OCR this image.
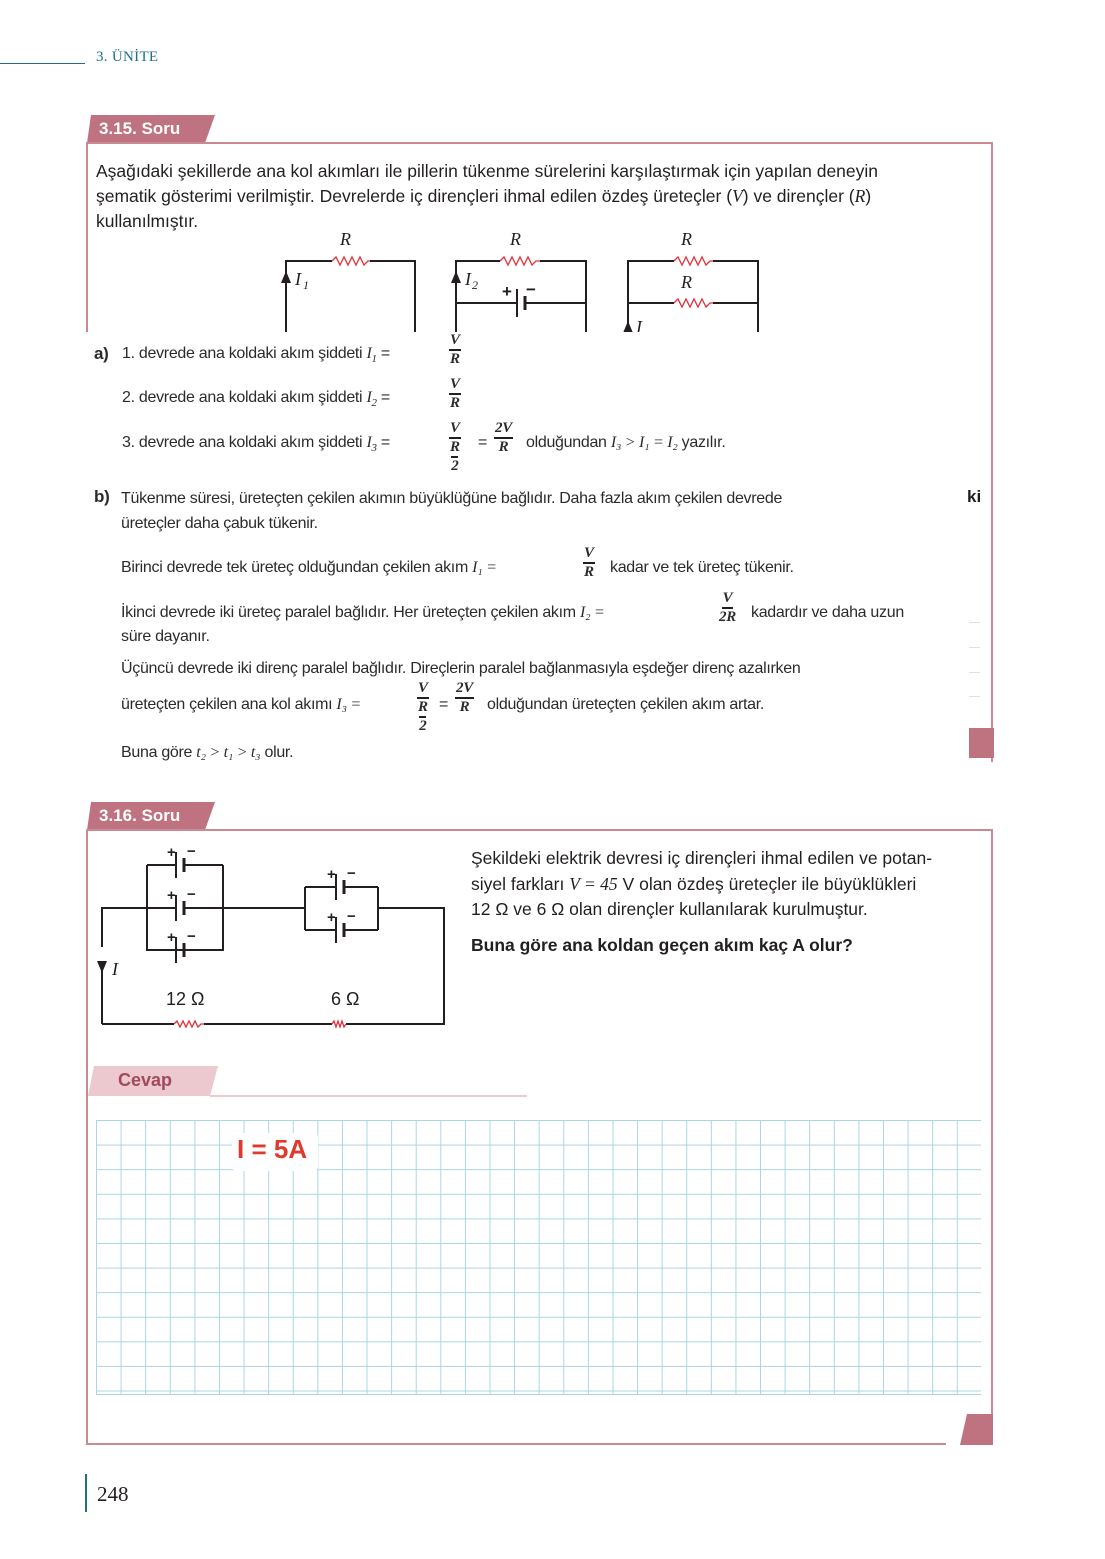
3. ÜNİTE
3.15. Soru
Aşağıdaki şekillerde ana kol akımları ile pillerin tükenme sürelerini karşılaştırmak için yapılan deneyin
şematik gösterimi verilmiştir. Devrelerde iç dirençleri ihmal edilen özdeş üreteçler (V) ve dirençler (R)
kullanılmıştır.
R	R	R
R
I 1	I 2
I
+ −
a) 1. devrede ana koldaki akım şiddeti $I_1$ =	$\frac{V}{R}$
2. devrede ana koldaki akım şiddeti $I_2$ =	$\frac{V}{R}$
3. devrede ana koldaki akım şiddeti $I_3$ =
V
R
2
= $\frac{2V}{R}$ olduğundan I₃ > I₁ = I₂ yazılır.
b) Tükenme süresi, üreteçten çekilen akımın büyüklüğüne bağlıdır. Daha fazla akım çekilen devrede
üreteçler daha çabuk tükenir.
Birinci devrede tek üreteç olduğundan çekilen akım I₁ =	$\frac{V}{R}$ kadar ve tek üreteç tükenir.
İkinci devrede iki üreteç paralel bağlıdır. Her üreteçten çekilen akım I₂ =	$\frac{V}{2R}$ kadardır ve daha uzun
süre dayanır.
Üçüncü devrede iki direnç paralel bağlıdır. Direçlerin paralel bağlanmasıyla eşdeğer direnç azalırken
üreteçten çekilen ana kol akımı I₃ =
V
R
2
= $\frac{2V}{R}$ olduğundan üreteçten çekilen akım artar.
Buna göre t₂ > t₁ > t₃ olur.
ki
3.16. Soru
+ −
+ −
+ −
+ −
+ −
I
12 Ω	6 Ω
Şekildeki elektrik devresi iç dirençleri ihmal edilen ve potan-
siyel farkları V = 45 V olan özdeş üreteçler ile büyüklükleri
12 Ω ve 6 Ω olan dirençler kullanılarak kurulmuştur.
Buna göre ana koldan geçen akım kaç A olur?
Cevap
I = 5A
248
